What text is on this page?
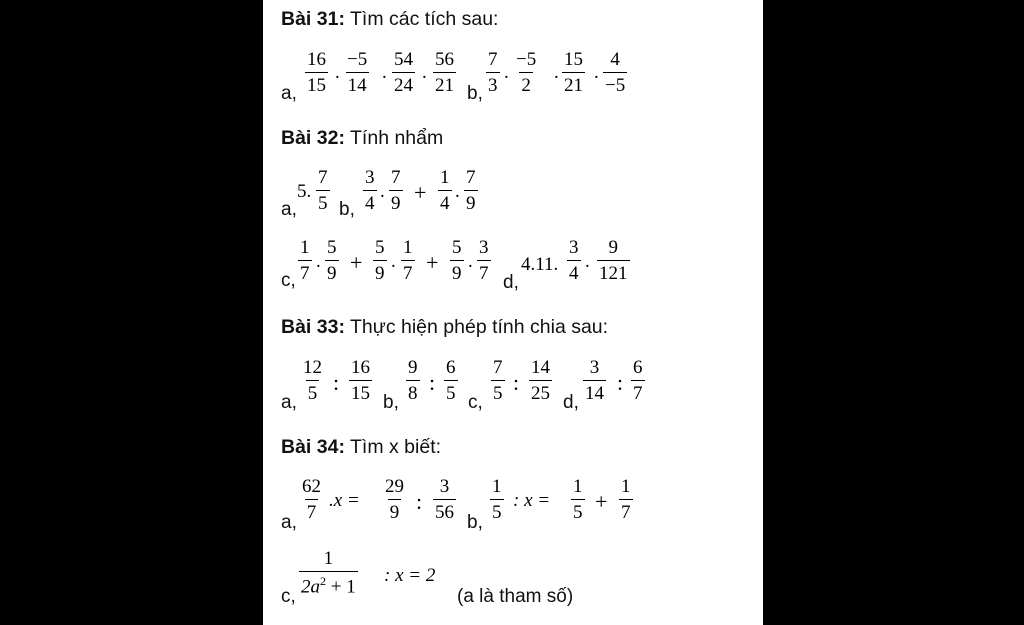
Bài 31: Tìm các tích sau:
a, $\frac{16}{15}$ . $\frac{-5}{14}$ . $\frac{54}{24}$ . $\frac{56}{21} b$, $\frac{7}{3}$ . $\frac{-5}{2}$ . $\frac{15}{21}$ . $\frac{4}{-5}$
Bài 32: Tính nhẩm
a,
5. $\frac{7}{5} b$, $\frac{3}{4}$ . $\frac{7}{9} + \frac{1}{4}$ . $\frac{7}{9}$
c, $\frac{1}{7}$ . $\frac{5}{9} + \frac{5}{9}$ . $\frac{1}{7} + \frac{5}{9}$ . $\frac{3}{7} d$,
4.11. $\frac{3}{4}$ . $\frac{9}{121}$
Bài 33: Thực hiện phép tính chia sau:
a, $\frac{12}{5}$ : $\frac{16}{15} b$, $\frac{9}{8}$ : $\frac{6}{5} c$, $\frac{7}{5}$ : $\frac{14}{25} d$, $\frac{3}{14}$ : $\frac{6}{7}$
Bài 34: Tìm x biết:
a,
$\frac{62}{7} .x = \frac{29}{9}$ : $\frac{3}{56}$
b,
$\frac{1}{5}$ : $x = \frac{1}{5} + \frac{1}{7}$
c,
$\frac{1}{2a^2 + 1}$ : x = 2
(a là tham số)
